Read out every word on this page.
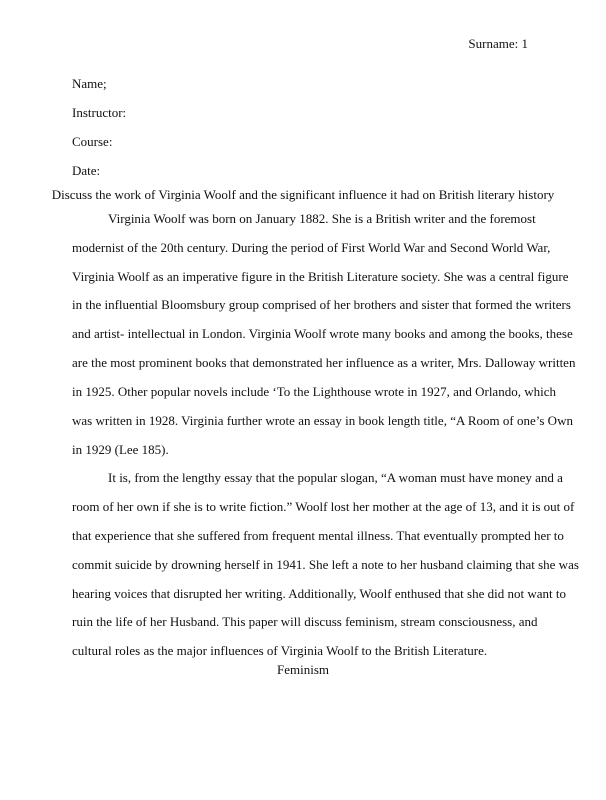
Surname: 1
Name;
Instructor:
Course:
Date:
Discuss the work of Virginia Woolf and the significant influence it had on British literary history
Virginia Woolf was born on January 1882. She is a British writer and the foremost
modernist of the 20th century. During the period of First World War and Second World War,
Virginia Woolf as an imperative figure in the British Literature society. She was a central figure
in the influential Bloomsbury group comprised of her brothers and sister that formed the writers
and artist- intellectual in London. Virginia Woolf wrote many books and among the books, these
are the most prominent books that demonstrated her influence as a writer, Mrs. Dalloway written
in 1925. Other popular novels include ‘To the Lighthouse wrote in 1927, and Orlando, which
was written in 1928. Virginia further wrote an essay in book length title, “A Room of one’s Own
in 1929 (Lee 185).
It is, from the lengthy essay that the popular slogan, “A woman must have money and a
room of her own if she is to write fiction.” Woolf lost her mother at the age of 13, and it is out of
that experience that she suffered from frequent mental illness. That eventually prompted her to
commit suicide by drowning herself in 1941. She left a note to her husband claiming that she was
hearing voices that disrupted her writing. Additionally, Woolf enthused that she did not want to
ruin the life of her Husband. This paper will discuss feminism, stream consciousness, and
cultural roles as the major influences of Virginia Woolf to the British Literature.
Feminism
